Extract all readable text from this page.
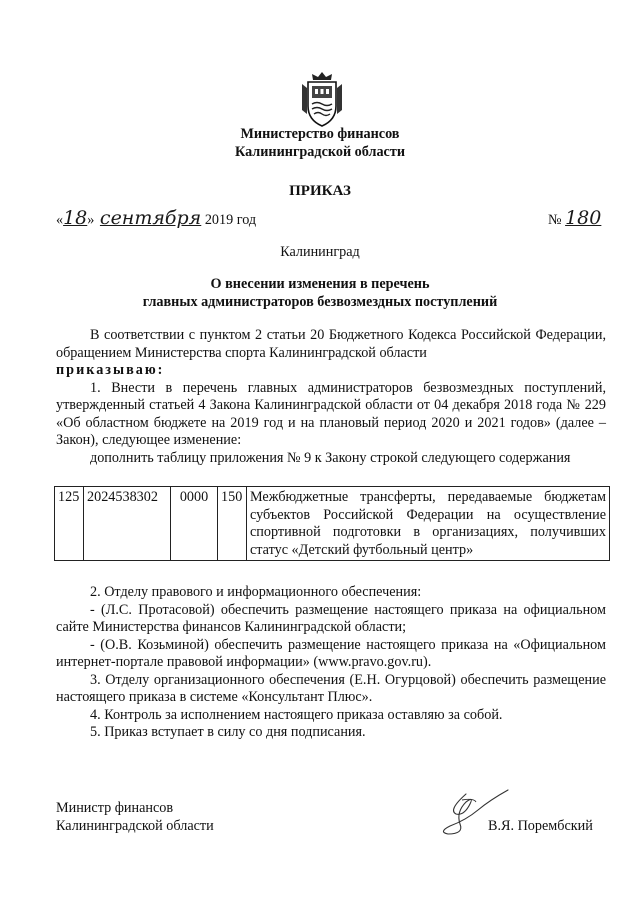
Министерство финансов
Калининградской области
ПРИКАЗ
«18» сентября 2019 год	№ 180
Калининград
О внесении изменения в перечень
главных администраторов безвозмездных поступлений

В соответствии с пунктом 2 статьи 20 Бюджетного Кодекса Российской Федерации, обращением Министерства спорта Калининградской области

приказываю:

1. Внести в перечень главных администраторов безвозмездных поступлений, утвержденный статьей 4 Закона Калининградской области от 04 декабря 2018 года № 229 «Об областном бюджете на 2019 год и на плановый период 2020 и 2021 годов» (далее – Закон), следующее изменение:

дополнить таблицу приложения № 9 к Закону строкой следующего содержания

125	2024538302	0000	150	Межбюджетные трансферты, передаваемые бюджетам субъектов Российской Федерации на осуществление спортивной подготовки в организациях, получивших статус «Детский футбольный центр»

2. Отделу правового и информационного обеспечения:

- (Л.С. Протасовой) обеспечить размещение настоящего приказа на официальном сайте Министерства финансов Калининградской области;

- (О.В. Козьминой) обеспечить размещение настоящего приказа на «Официальном интернет-портале правовой информации» (www.pravo.gov.ru).

3. Отделу организационного обеспечения (Е.Н. Огурцовой) обеспечить размещение настоящего приказа в системе «Консультант Плюс».

4. Контроль за исполнением настоящего приказа оставляю за собой.

5. Приказ вступает в силу со дня подписания.

Министр финансов
Калининградской области	В.Я. Порембский
